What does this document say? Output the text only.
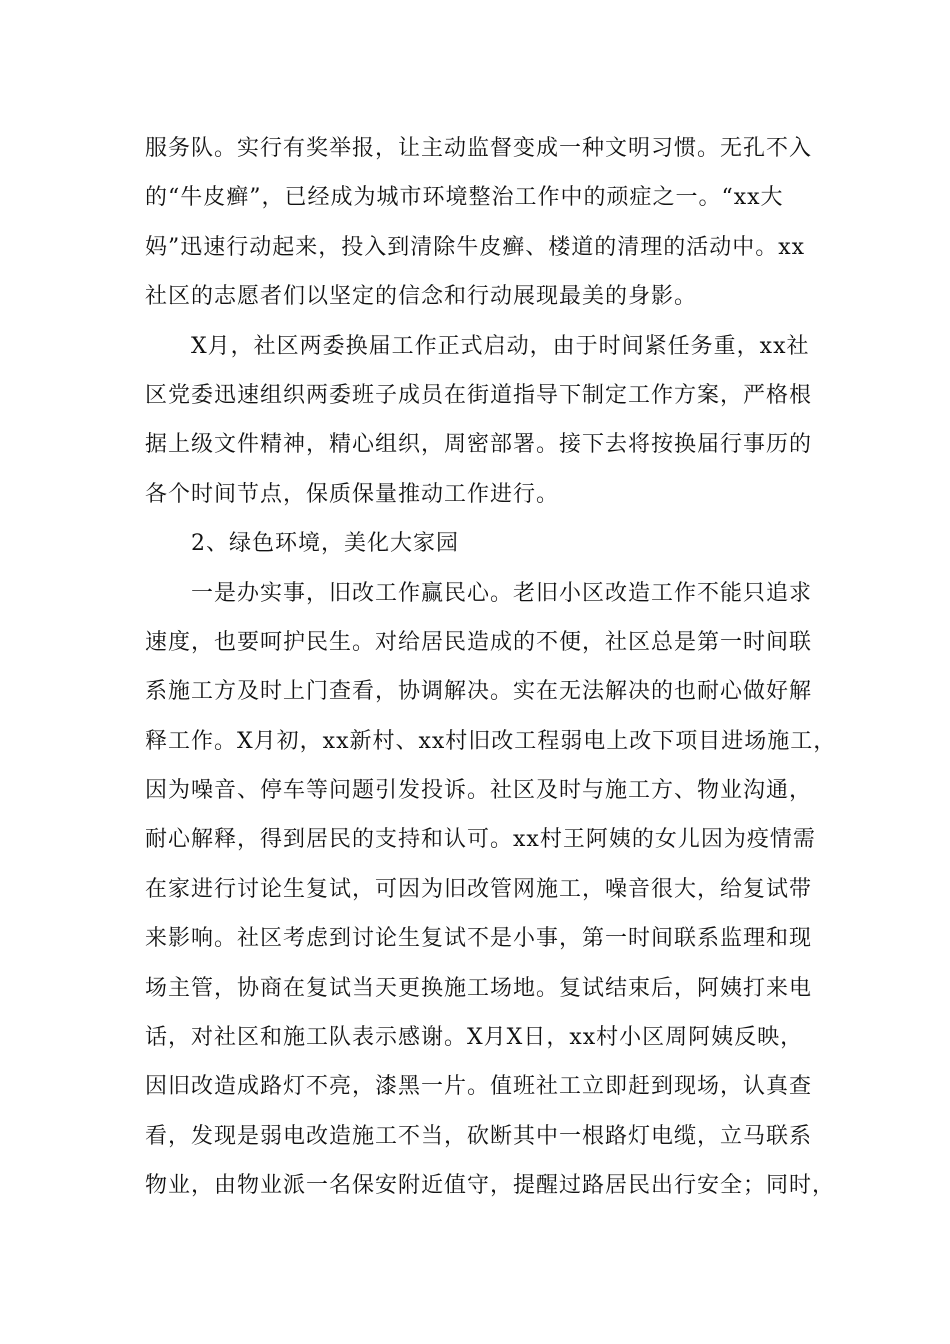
服务队。实行有奖举报，让主动监督变成一种文明习惯。无孔不入
的“牛皮癣”，已经成为城市环境整治工作中的顽症之一。“xx大
妈”迅速行动起来，投入到清除牛皮癣、楼道的清理的活动中。xx
社区的志愿者们以坚定的信念和行动展现最美的身影。
X月，社区两委换届工作正式启动，由于时间紧任务重，xx社
区党委迅速组织两委班子成员在街道指导下制定工作方案，严格根
据上级文件精神，精心组织，周密部署。接下去将按换届行事历的
各个时间节点，保质保量推动工作进行。
2、绿色环境，美化大家园
一是办实事，旧改工作赢民心。老旧小区改造工作不能只追求
速度，也要呵护民生。对给居民造成的不便，社区总是第一时间联
系施工方及时上门查看，协调解决。实在无法解决的也耐心做好解
释工作。X月初，xx新村、xx村旧改工程弱电上改下项目进场施工，
因为噪音、停车等问题引发投诉。社区及时与施工方、物业沟通，
耐心解释，得到居民的支持和认可。xx村王阿姨的女儿因为疫情需
在家进行讨论生复试，可因为旧改管网施工，噪音很大，给复试带
来影响。社区考虑到讨论生复试不是小事，第一时间联系监理和现
场主管，协商在复试当天更换施工场地。复试结束后，阿姨打来电
话，对社区和施工队表示感谢。X月X日，xx村小区周阿姨反映，
因旧改造成路灯不亮，漆黑一片。值班社工立即赶到现场，认真查
看，发现是弱电改造施工不当，砍断其中一根路灯电缆，立马联系
物业，由物业派一名保安附近值守，提醒过路居民出行安全；同时，
